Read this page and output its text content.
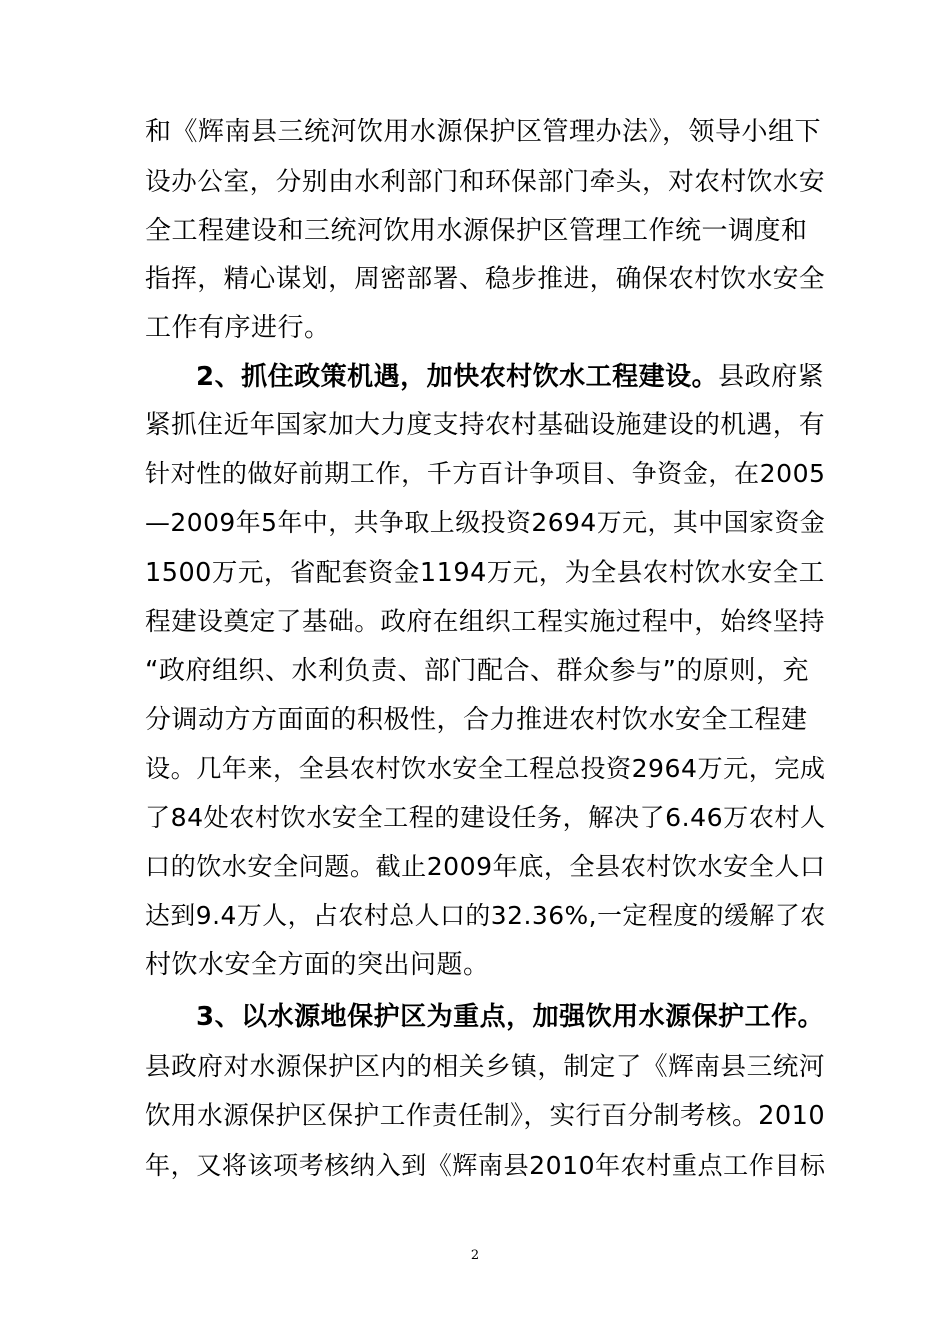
和《辉南县三统河饮用水源保护区管理办法》，领导小组下
设办公室，分别由水利部门和环保部门牵头，对农村饮水安
全工程建设和三统河饮用水源保护区管理工作统一调度和
指挥，精心谋划，周密部署、稳步推进，确保农村饮水安全
工作有序进行。
2、抓住政策机遇，加快农村饮水工程建设。县政府紧
紧抓住近年国家加大力度支持农村基础设施建设的机遇，有
针对性的做好前期工作，千方百计争项目、争资金，在2005
—2009年5年中，共争取上级投资2694万元，其中国家资金
1500万元，省配套资金1194万元，为全县农村饮水安全工
程建设奠定了基础。政府在组织工程实施过程中，始终坚持
“政府组织、水利负责、部门配合、群众参与”的原则，充
分调动方方面面的积极性，合力推进农村饮水安全工程建
设。几年来，全县农村饮水安全工程总投资2964万元，完成
了84处农村饮水安全工程的建设任务，解决了6.46万农村人
口的饮水安全问题。截止2009年底，全县农村饮水安全人口
达到9.4万人，占农村总人口的32.36%,一定程度的缓解了农
村饮水安全方面的突出问题。
3、以水源地保护区为重点，加强饮用水源保护工作。
县政府对水源保护区内的相关乡镇，制定了《辉南县三统河
饮用水源保护区保护工作责任制》，实行百分制考核。2010
年，又将该项考核纳入到《辉南县2010年农村重点工作目标
2
